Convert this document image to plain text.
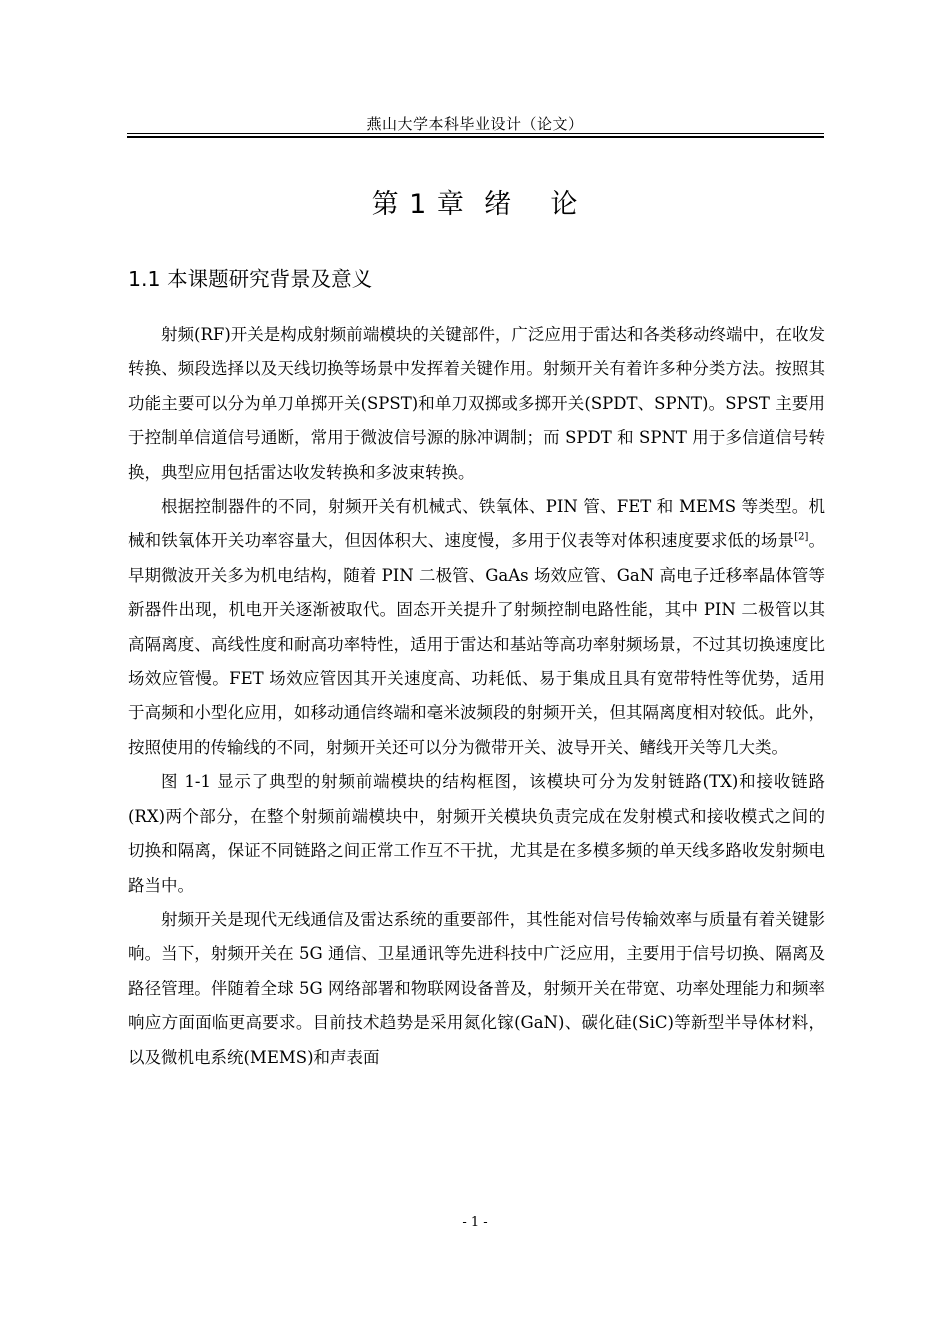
燕山大学本科毕业设计（论文）
第 1 章  绪    论
1.1 本课题研究背景及意义

射频(RF)开关是构成射频前端模块的关键部件，广泛应用于雷达和各类移动终端中，在收发转换、频段选择以及天线切换等场景中发挥着关键作用。射频开关有着许多种分类方法。按照其功能主要可以分为单刀单掷开关(SPST)和单刀双掷或多掷开关(SPDT、SPNT)。SPST 主要用于控制单信道信号通断，常用于微波信号源的脉冲调制；而 SPDT 和 SPNT 用于多信道信号转换，典型应用包括雷达收发转换和多波束转换。

根据控制器件的不同，射频开关有机械式、铁氧体、PIN 管、FET 和 MEMS 等类型。机械和铁氧体开关功率容量大，但因体积大、速度慢，多用于仪表等对体积速度要求低的场景[2]。早期微波开关多为机电结构，随着 PIN 二极管、GaAs 场效应管、GaN 高电子迁移率晶体管等新器件出现，机电开关逐渐被取代。固态开关提升了射频控制电路性能，其中 PIN 二极管以其高隔离度、高线性度和耐高功率特性，适用于雷达和基站等高功率射频场景，不过其切换速度比场效应管慢。FET 场效应管因其开关速度高、功耗低、易于集成且具有宽带特性等优势，适用于高频和小型化应用，如移动通信终端和毫米波频段的射频开关，但其隔离度相对较低。此外，按照使用的传输线的不同，射频开关还可以分为微带开关、波导开关、鳍线开关等几大类。

图 1-1 显示了典型的射频前端模块的结构框图，该模块可分为发射链路(TX)和接收链路(RX)两个部分，在整个射频前端模块中，射频开关模块负责完成在发射模式和接收模式之间的切换和隔离，保证不同链路之间正常工作互不干扰，尤其是在多模多频的单天线多路收发射频电路当中。

射频开关是现代无线通信及雷达系统的重要部件，其性能对信号传输效率与质量有着关键影响。当下，射频开关在 5G 通信、卫星通讯等先进科技中广泛应用，主要用于信号切换、隔离及路径管理。伴随着全球 5G 网络部署和物联网设备普及，射频开关在带宽、功率处理能力和频率响应方面面临更高要求。目前技术趋势是采用氮化镓(GaN)、碳化硅(SiC)等新型半导体材料，以及微机电系统(MEMS)和声表面

- 1 -
